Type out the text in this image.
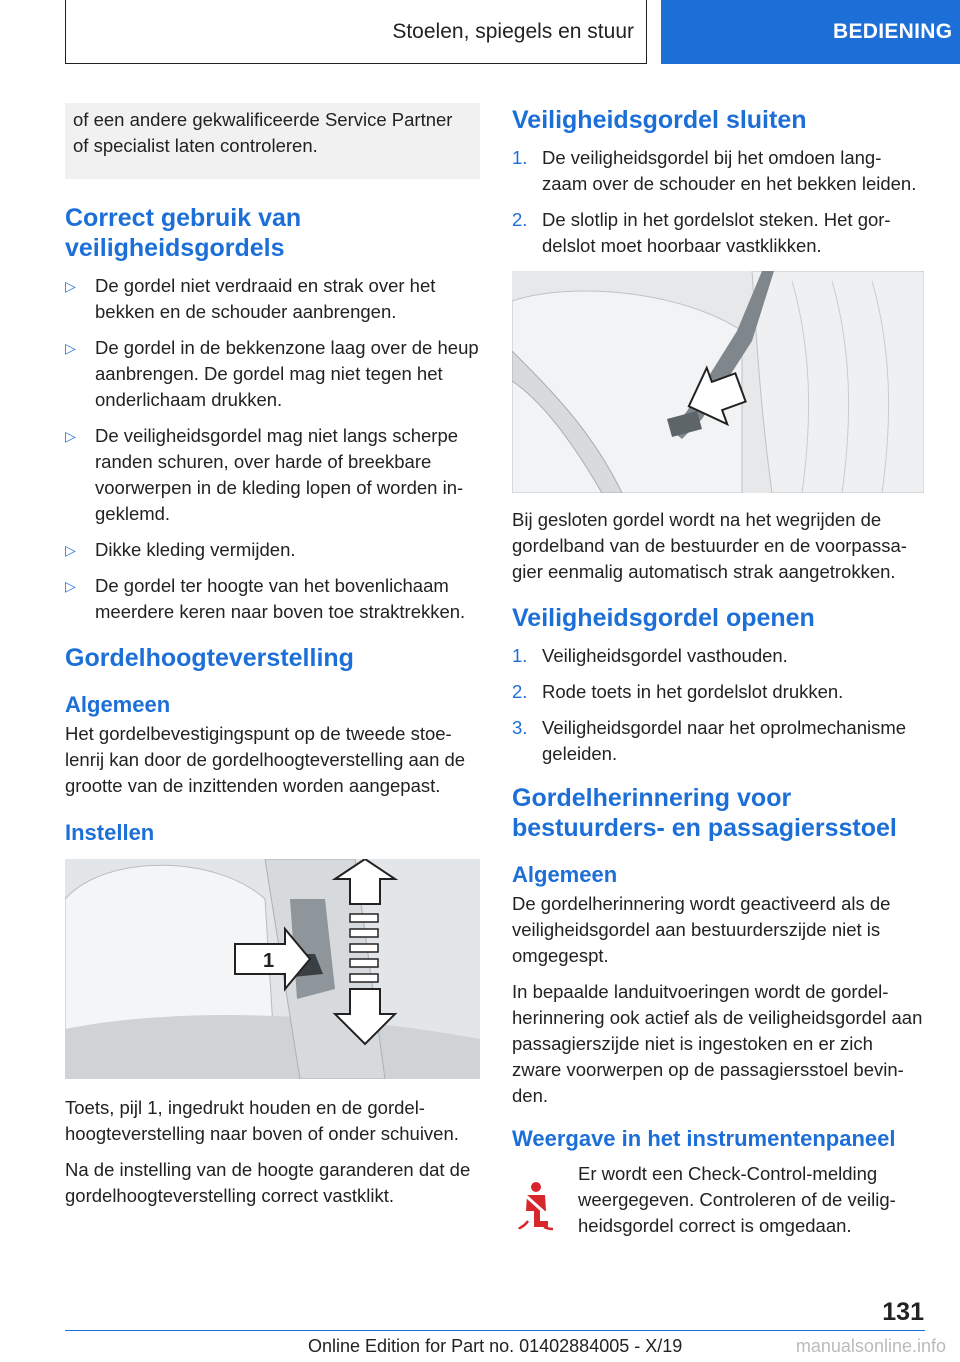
Stoelen, spiegels en stuur	BEDIENING
of een andere gekwalificeerde Service Partner of specialist laten controleren.
Correct gebruik van veiligheidsgordels
▷ De gordel niet verdraaid en strak over het bekken en de schouder aanbrengen.
▷ De gordel in de bekkenzone laag over de heup aanbrengen. De gordel mag niet tegen het onderlichaam drukken.
▷ De veiligheidsgordel mag niet langs scherpe randen schuren, over harde of breekbare voorwerpen in de kleding lopen of worden in-geklemd.
▷ Dikke kleding vermijden.
▷ De gordel ter hoogte van het bovenlichaam meerdere keren naar boven toe straktrekken.
Gordelhoogteverstelling
Algemeen

Het gordelbevestigingspunt op de tweede stoe-lenrij kan door de gordelhoogteverstelling aan de grootte van de inzittenden worden aangepast.

Instellen
1

Toets, pijl 1, ingedrukt houden en de gordel-hoogteverstelling naar boven of onder schuiven.

Na de instelling van de hoogte garanderen dat de gordelhoogteverstelling correct vastklikt.

Veiligheidsgordel sluiten
1. De veiligheidsgordel bij het omdoen lang-zaam over de schouder en het bekken leiden.
2. De slotlip in het gordelslot steken. Het gor-delslot moet hoorbaar vastklikken.

Bij gesloten gordel wordt na het wegrijden de gordelband van de bestuurder en de voorpassa-gier eenmalig automatisch strak aangetrokken.

Veiligheidsgordel openen
1. Veiligheidsgordel vasthouden.
2. Rode toets in het gordelslot drukken.
3. Veiligheidsgordel naar het oprolmechanisme geleiden.
Gordelherinnering voor bestuurders- en passagiersstoel
Algemeen

De gordelherinnering wordt geactiveerd als de veiligheidsgordel aan bestuurderszijde niet is omgegespt.

In bepaalde landuitvoeringen wordt de gordel-herinnering ook actief als de veiligheidsgordel aan passagierszijde niet is ingestoken en er zich zware voorwerpen op de passagiersstoel bevin-den.

Weergave in het instrumentenpaneel

Er wordt een Check-Control-melding weergegeven. Controleren of de veilig-heidsgordel correct is omgedaan.

131
Online Edition for Part no. 01402884005 - X/19	manualsonline.info
